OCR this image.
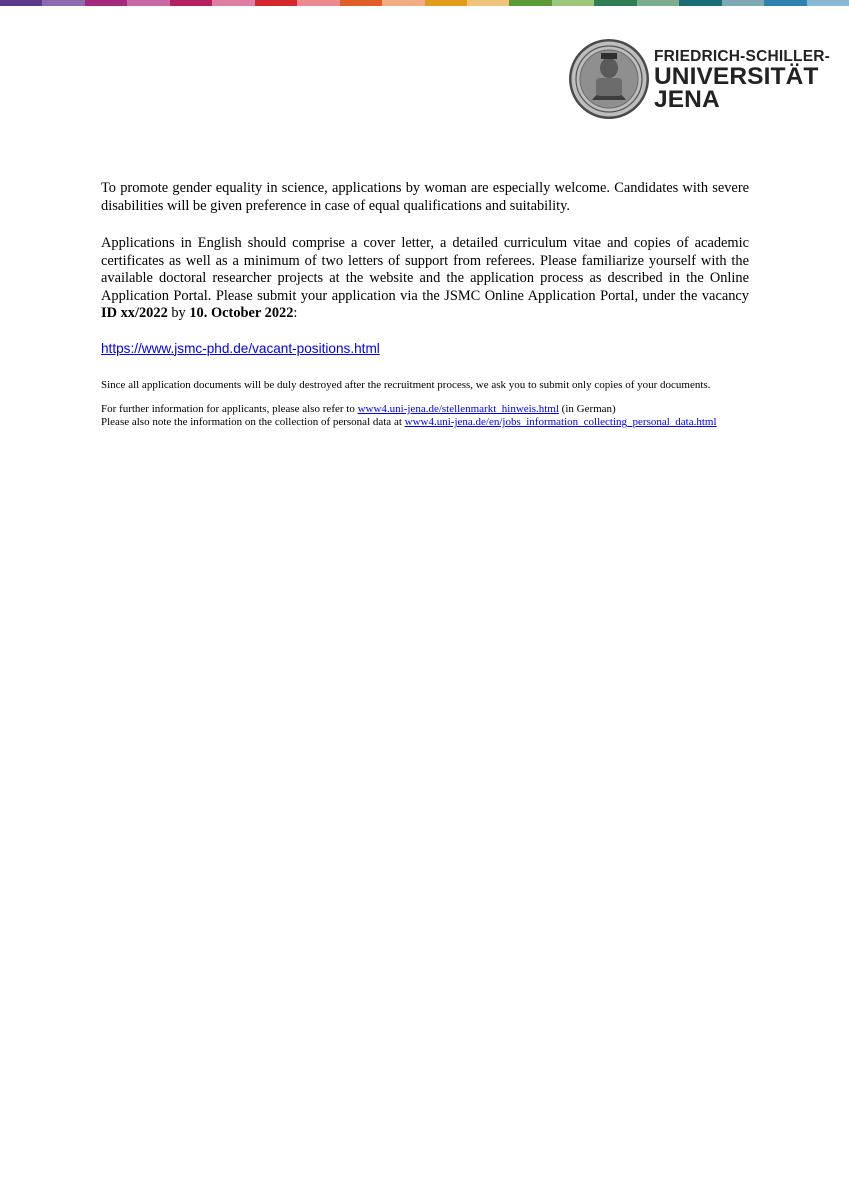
FRIEDRICH-SCHILLER-
UNIVERSITÄT
JENA

To promote gender equality in science, applications by woman are especially welcome. Candidates with severe disabilities will be given preference in case of equal qualifications and suitability.

Applications in English should comprise a cover letter, a detailed curriculum vitae and copies of academic certificates as well as a minimum of two letters of support from referees. Please familiarize yourself with the available doctoral researcher projects at the website and the application process as described in the Online Application Portal. Please submit your application via the JSMC Online Application Portal, under the vacancy ID xx/2022 by 10. October 2022:

https://www.jsmc-phd.de/vacant-positions.html

Since all application documents will be duly destroyed after the recruitment process, we ask you to submit only copies of your documents.

For further information for applicants, please also refer to www4.uni-jena.de/stellenmarkt_hinweis.html (in German)
Please also note the information on the collection of personal data at www4.uni-jena.de/en/jobs_information_collecting_personal_data.html
